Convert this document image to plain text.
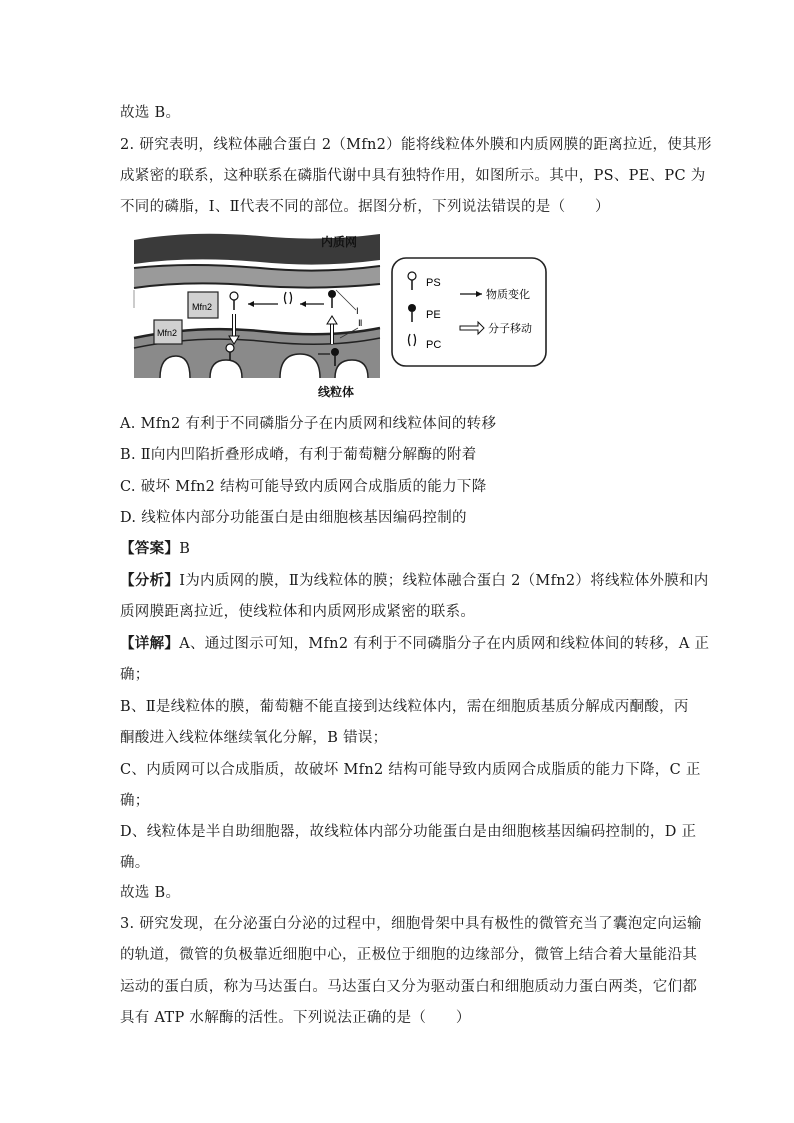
故选 B。
2. 研究表明，线粒体融合蛋白 2（Mfn2）能将线粒体外膜和内质网膜的距离拉近，使其形
成紧密的联系，这种联系在磷脂代谢中具有独特作用，如图所示。其中，PS、PE、PC 为
不同的磷脂，Ⅰ、Ⅱ代表不同的部位。据图分析，下列说法错误的是（　　）
Mfn2
Mfn2
Ⅰ
Ⅱ
内质网
线粒体
PS
PE
PC
物质变化
分子移动
A. Mfn2 有利于不同磷脂分子在内质网和线粒体间的转移
B. Ⅱ向内凹陷折叠形成嵴，有利于葡萄糖分解酶的附着
C. 破坏 Mfn2 结构可能导致内质网合成脂质的能力下降
D. 线粒体内部分功能蛋白是由细胞核基因编码控制的
【答案】B
【分析】Ⅰ为内质网的膜，Ⅱ为线粒体的膜；线粒体融合蛋白 2（Mfn2）将线粒体外膜和内
质网膜距离拉近，使线粒体和内质网形成紧密的联系。
【详解】A、通过图示可知，Mfn2 有利于不同磷脂分子在内质网和线粒体间的转移，A 正
确；
B、Ⅱ是线粒体的膜，葡萄糖不能直接到达线粒体内，需在细胞质基质分解成丙酮酸，丙
酮酸进入线粒体继续氧化分解，B 错误；
C、内质网可以合成脂质，故破坏 Mfn2 结构可能导致内质网合成脂质的能力下降，C 正
确；
D、线粒体是半自助细胞器，故线粒体内部分功能蛋白是由细胞核基因编码控制的，D 正
确。
故选 B。
3. 研究发现，在分泌蛋白分泌的过程中，细胞骨架中具有极性的微管充当了囊泡定向运输
的轨道，微管的负极靠近细胞中心，正极位于细胞的边缘部分，微管上结合着大量能沿其
运动的蛋白质，称为马达蛋白。马达蛋白又分为驱动蛋白和细胞质动力蛋白两类，它们都
具有 ATP 水解酶的活性。下列说法正确的是（　　）
